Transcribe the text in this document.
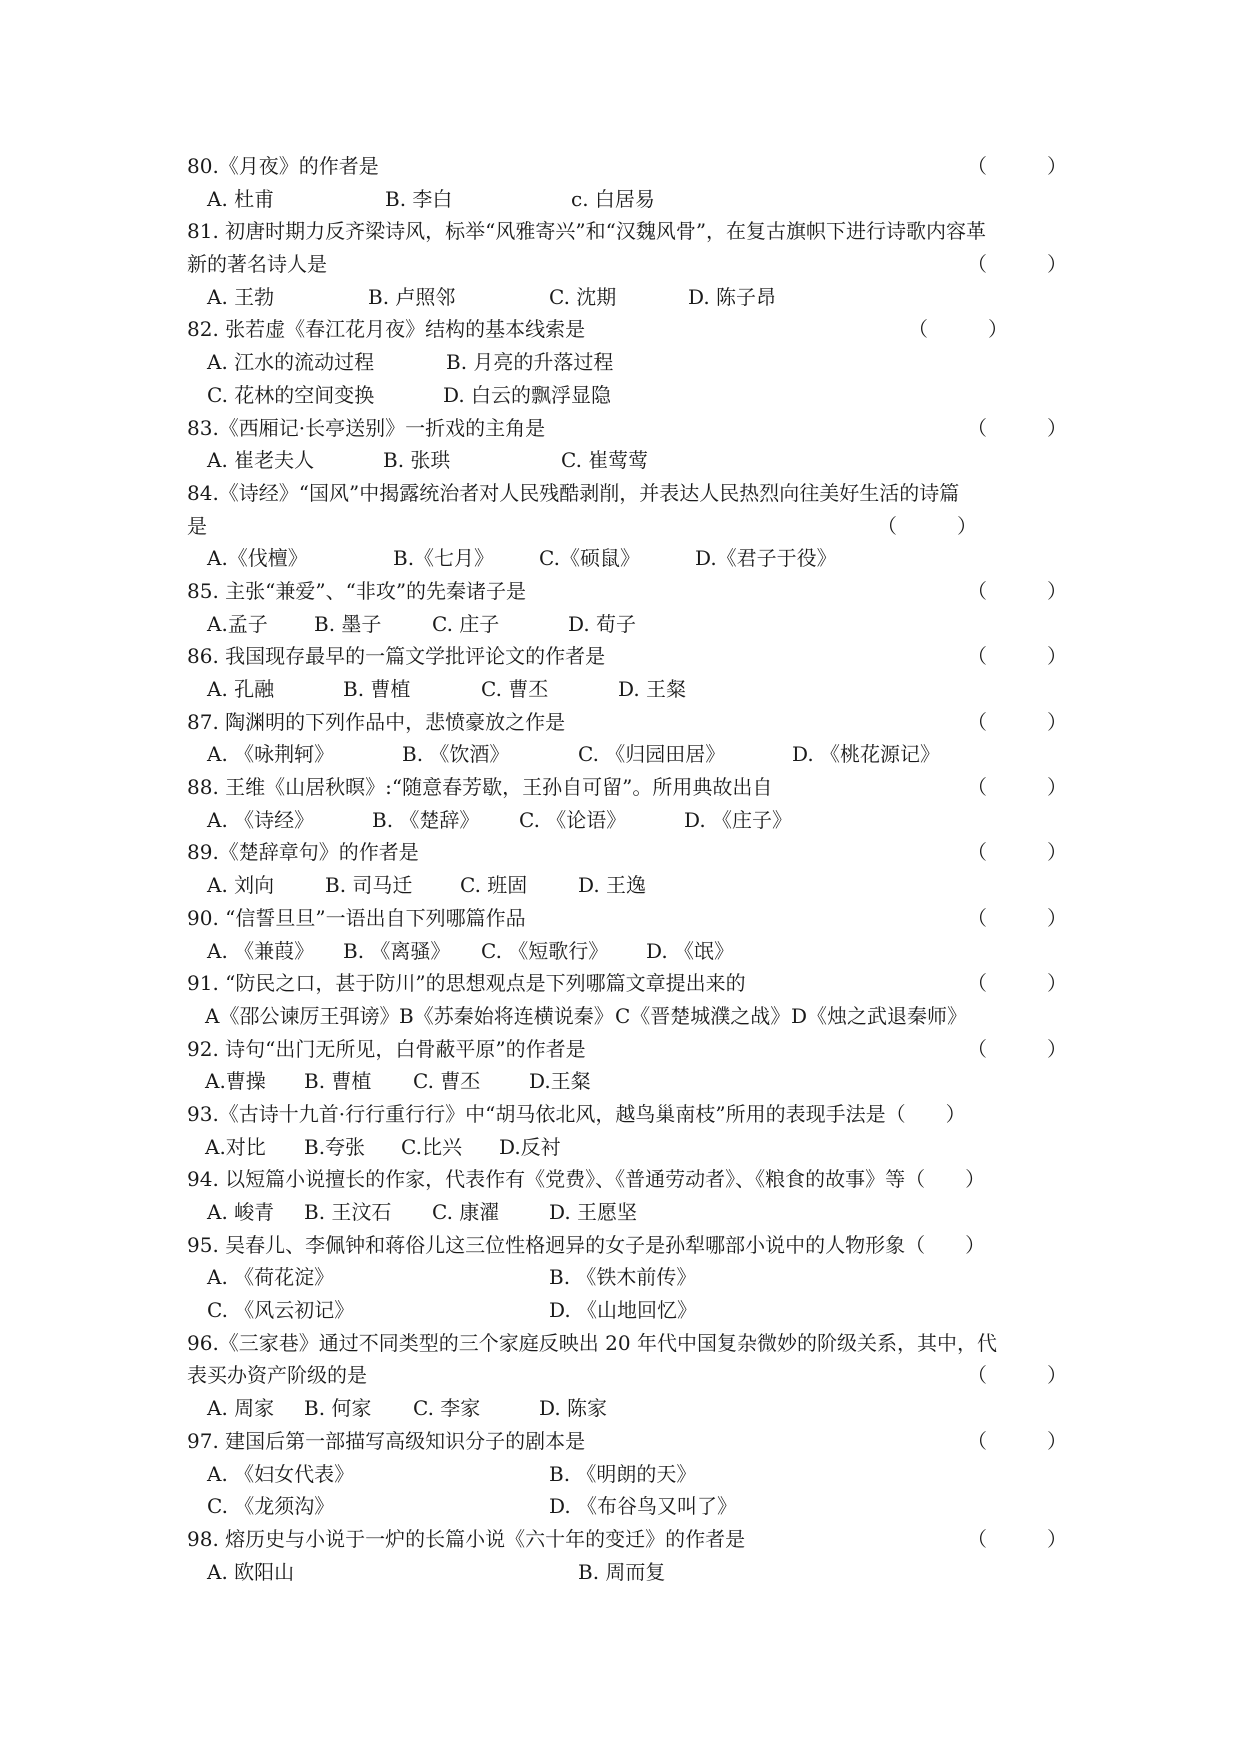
80.《月夜》的作者是	（　　　）
A. 杜甫	B. 李白	c. 白居易
81. 初唐时期力反齐梁诗风，标举“风雅寄兴”和“汉魏风骨”，在复古旗帜下进行诗歌内容革
新的著名诗人是	（　　　）
A. 王勃	B. 卢照邻	C. 沈期	D. 陈子昂
82. 张若虚《春江花月夜》结构的基本线索是	（　　　）
A. 江水的流动过程	B. 月亮的升落过程
C. 花林的空间变换	D. 白云的飘浮显隐
83.《西厢记·长亭送别》一折戏的主角是	（　　　）
A. 崔老夫人	B. 张珙	C. 崔莺莺
84.《诗经》“国风”中揭露统治者对人民残酷剥削，并表达人民热烈向往美好生活的诗篇
是	（　　　）
A.《伐檀》	B.《七月》 C.《硕鼠》	D.《君子于役》
85. 主张“兼爱”、“非攻”的先秦诸子是	（　　　）
A.孟子 B. 墨子	C. 庄子	D. 荀子
86. 我国现存最早的一篇文学批评论文的作者是	（　　　）
A. 孔融	B. 曹植	C. 曹丕	D. 王粲
87. 陶渊明的下列作品中，悲愤豪放之作是	（　　　）
A. 《咏荆轲》	B. 《饮酒》	C. 《归园田居》	D. 《桃花源记》
88. 王维《山居秋暝》:“随意春芳歇，王孙自可留”。所用典故出自	（　　　）
A. 《诗经》	B. 《楚辞》 C. 《论语》	D. 《庄子》
89.《楚辞章句》的作者是	（　　　）
A. 刘向	B. 司马迁 C. 班固	D. 王逸
90. “信誓旦旦”一语出自下列哪篇作品	（　　　）
A. 《兼葭》 B. 《离骚》 C. 《短歌行》 D. 《氓》
91. “防民之口，甚于防川”的思想观点是下列哪篇文章提出来的	（　　　）
A《邵公谏厉王弭谤》 B《苏秦始将连横说秦》 C《晋楚城濮之战》 D《烛之武退秦师》
92. 诗句“出门无所见，白骨蔽平原”的作者是	（　　　）
A.曹操 B. 曹植 C. 曹丕 D.王粲
93.《古诗十九首·行行重行行》中“胡马依北风，越鸟巢南枝”所用的表现手法是（　　）
A.对比 B.夸张 C.比兴 D.反衬
94. 以短篇小说擅长的作家，代表作有《党费》、《普通劳动者》、《粮食的故事》等（　　）
A. 峻青 B. 王汶石 C. 康濯 D. 王愿坚
95. 吴春儿、李佩钟和蒋俗儿这三位性格迥异的女子是孙犁哪部小说中的人物形象（　　）
A. 《荷花淀》	B. 《铁木前传》
C. 《风云初记》	D. 《山地回忆》
96.《三家巷》通过不同类型的三个家庭反映出 20 年代中国复杂微妙的阶级关系，其中，代
表买办资产阶级的是	（　　　）
A. 周家 B. 何家 C. 李家	D. 陈家
97. 建国后第一部描写高级知识分子的剧本是	（　　　）
A. 《妇女代表》	B. 《明朗的天》
C. 《龙须沟》	D. 《布谷鸟又叫了》
98. 熔历史与小说于一炉的长篇小说《六十年的变迁》的作者是	（　　　）
A. 欧阳山	B. 周而复
